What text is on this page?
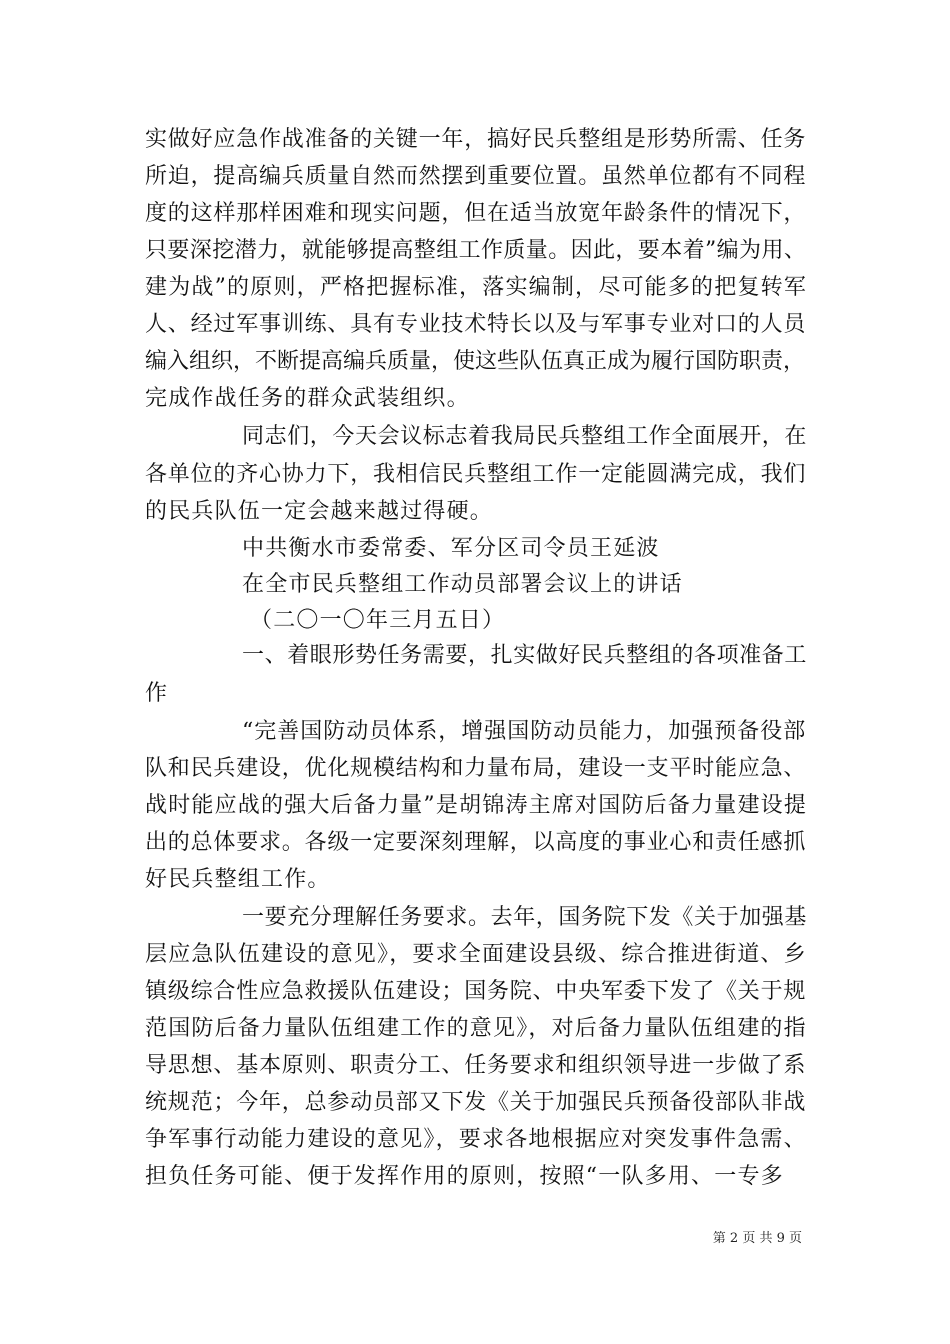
实做好应急作战准备的关键一年，搞好民兵整组是形势所需、任务
所迫，提高编兵质量自然而然摆到重要位置。虽然单位都有不同程
度的这样那样困难和现实问题，但在适当放宽年龄条件的情况下，
只要深挖潜力，就能够提高整组工作质量。因此，要本着”编为用、
建为战”的原则，严格把握标准，落实编制，尽可能多的把复转军
人、经过军事训练、具有专业技术特长以及与军事专业对口的人员
编入组织，不断提高编兵质量，使这些队伍真正成为履行国防职责，
完成作战任务的群众武装组织。
同志们，今天会议标志着我局民兵整组工作全面展开，在
各单位的齐心协力下，我相信民兵整组工作一定能圆满完成，我们
的民兵队伍一定会越来越过得硬。
中共衡水市委常委、军分区司令员王延波
在全市民兵整组工作动员部署会议上的讲话
（二〇一〇年三月五日）
一、着眼形势任务需要，扎实做好民兵整组的各项准备工
作
“完善国防动员体系，增强国防动员能力，加强预备役部
队和民兵建设，优化规模结构和力量布局，建设一支平时能应急、
战时能应战的强大后备力量”是胡锦涛主席对国防后备力量建设提
出的总体要求。各级一定要深刻理解，以高度的事业心和责任感抓
好民兵整组工作。
一要充分理解任务要求。去年，国务院下发《关于加强基
层应急队伍建设的意见》，要求全面建设县级、综合推进街道、乡
镇级综合性应急救援队伍建设；国务院、中央军委下发了《关于规
范国防后备力量队伍组建工作的意见》，对后备力量队伍组建的指
导思想、基本原则、职责分工、任务要求和组织领导进一步做了系
统规范；今年，总参动员部又下发《关于加强民兵预备役部队非战
争军事行动能力建设的意见》，要求各地根据应对突发事件急需、
担负任务可能、便于发挥作用的原则，按照“一队多用、一专多
第 2 页 共 9 页
